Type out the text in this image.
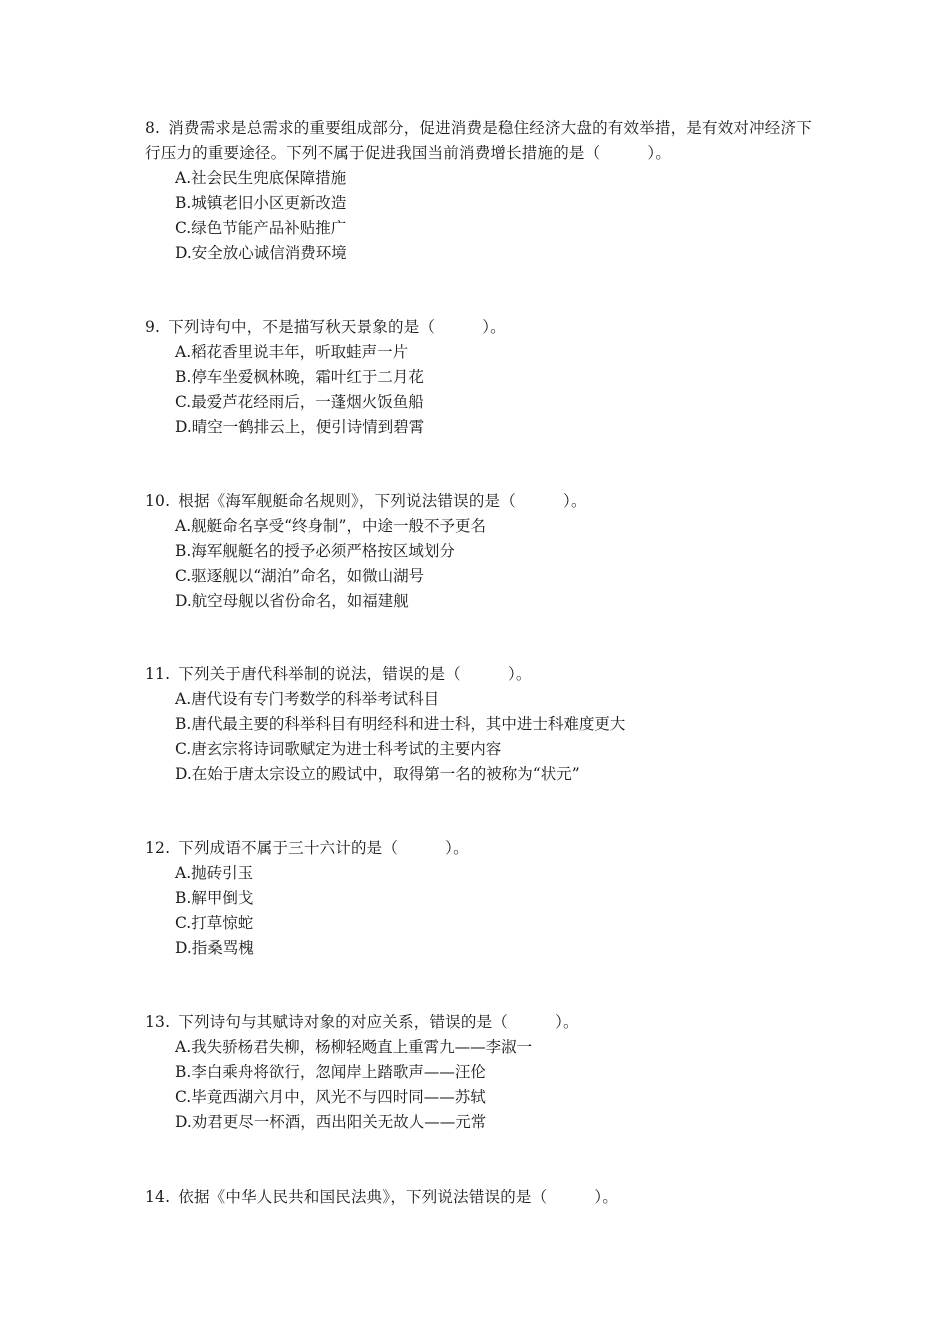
8. 消费需求是总需求的重要组成部分，促进消费是稳住经济大盘的有效举措，是有效对冲经济下行压力的重要途径。下列不属于促进我国当前消费增长措施的是（　　　）。

A.社会民生兜底保障措施
B.城镇老旧小区更新改造
C.绿色节能产品补贴推广
D.安全放心诚信消费环境

9. 下列诗句中，不是描写秋天景象的是（　　　）。

A.稻花香里说丰年，听取蛙声一片
B.停车坐爱枫林晚，霜叶红于二月花
C.最爱芦花经雨后，一蓬烟火饭鱼船
D.晴空一鹤排云上，便引诗情到碧霄

10. 根据《海军舰艇命名规则》，下列说法错误的是（　　　）。

A.舰艇命名享受“终身制”，中途一般不予更名
B.海军舰艇名的授予必须严格按区域划分
C.驱逐舰以“湖泊”命名，如微山湖号
D.航空母舰以省份命名，如福建舰

11. 下列关于唐代科举制的说法，错误的是（　　　）。

A.唐代设有专门考数学的科举考试科目
B.唐代最主要的科举科目有明经科和进士科，其中进士科难度更大
C.唐玄宗将诗词歌赋定为进士科考试的主要内容
D.在始于唐太宗设立的殿试中，取得第一名的被称为“状元”

12. 下列成语不属于三十六计的是（　　　）。

A.抛砖引玉
B.解甲倒戈
C.打草惊蛇
D.指桑骂槐

13. 下列诗句与其赋诗对象的对应关系，错误的是（　　　）。

A.我失骄杨君失柳，杨柳轻飏直上重霄九——李淑一
B.李白乘舟将欲行，忽闻岸上踏歌声——汪伦
C.毕竟西湖六月中，风光不与四时同——苏轼
D.劝君更尽一杯酒，西出阳关无故人——元常

14. 依据《中华人民共和国民法典》，下列说法错误的是（　　　）。
